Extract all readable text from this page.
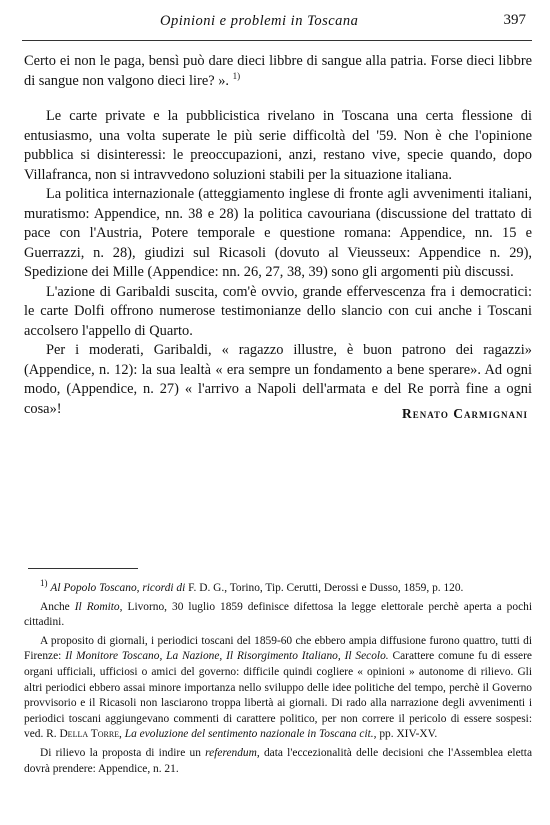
Opinioni e problemi in Toscana	397

Certo ei non le paga, bensì può dare dieci libbre di sangue alla patria. Forse dieci libbre di sangue non valgono dieci lire? ». $^{1)}$

Le carte private e la pubblicistica rivelano in Toscana una certa flessione di entusiasmo, una volta superate le più serie difficoltà del '59. Non è che l'opinione pubblica si disinteressi: le preoccupazioni, anzi, restano vive, specie quando, dopo Villafranca, non si intravvedono soluzioni stabili per la situazione italiana.

La politica internazionale (atteggiamento inglese di fronte agli avvenimenti italiani, muratismo: Appendice, nn. 38 e 28) la politica cavouriana (discussione del trattato di pace con l'Austria, Potere temporale e questione romana: Appendice, nn. 15 e Guerrazzi, n. 28), giudizi sul Ricasoli (dovuto al Vieusseux: Appendice n. 29), Spedizione dei Mille (Appendice: nn. 26, 27, 38, 39) sono gli argomenti più discussi.

L'azione di Garibaldi suscita, com'è ovvio, grande effervescenza fra i democratici: le carte Dolfi offrono numerose testimonianze dello slancio con cui anche i Toscani accolsero l'appello di Quarto.

Per i moderati, Garibaldi, « ragazzo illustre, è buon patrono dei ragazzi» (Appendice, n. 12): la sua lealtà « era sempre un fondamento a bene sperare». Ad ogni modo, (Appendice, n. 27) « l'arrivo a Napoli dell'armata e del Re porrà fine a ogni cosa»!	Renato Carmignani

$^{1)}$ Al Popolo Toscano, ricordi di F. D. G., Torino, Tip. Cerutti, Derossi e Dusso, 1859, p. 120.

Anche Il Romito, Livorno, 30 luglio 1859 definisce difettosa la legge elettorale perchè aperta a pochi cittadini.

A proposito di giornali, i periodici toscani del 1859-60 che ebbero ampia diffusione furono quattro, tutti di Firenze: Il Monitore Toscano, La Nazione, Il Risorgimento Italiano, Il Secolo. Carattere comune fu di essere organi ufficiali, ufficiosi o amici del governo: difficile quindi cogliere « opinioni » autonome di rilievo. Gli altri periodici ebbero assai minore importanza nello sviluppo delle idee politiche del tempo, perchè il Governo provvisorio e il Ricasoli non lasciarono troppa libertà ai giornali. Di rado alla narrazione degli avvenimenti i periodici toscani aggiungevano commenti di carattere politico, per non correre il pericolo di essere sospesi: ved. R. Della Torre, La evoluzione del sentimento nazionale in Toscana cit., pp. XIV-XV.

Di rilievo la proposta di indire un referendum, data l'eccezionalità delle decisioni che l'Assemblea eletta dovrà prendere: Appendice, n. 21.
